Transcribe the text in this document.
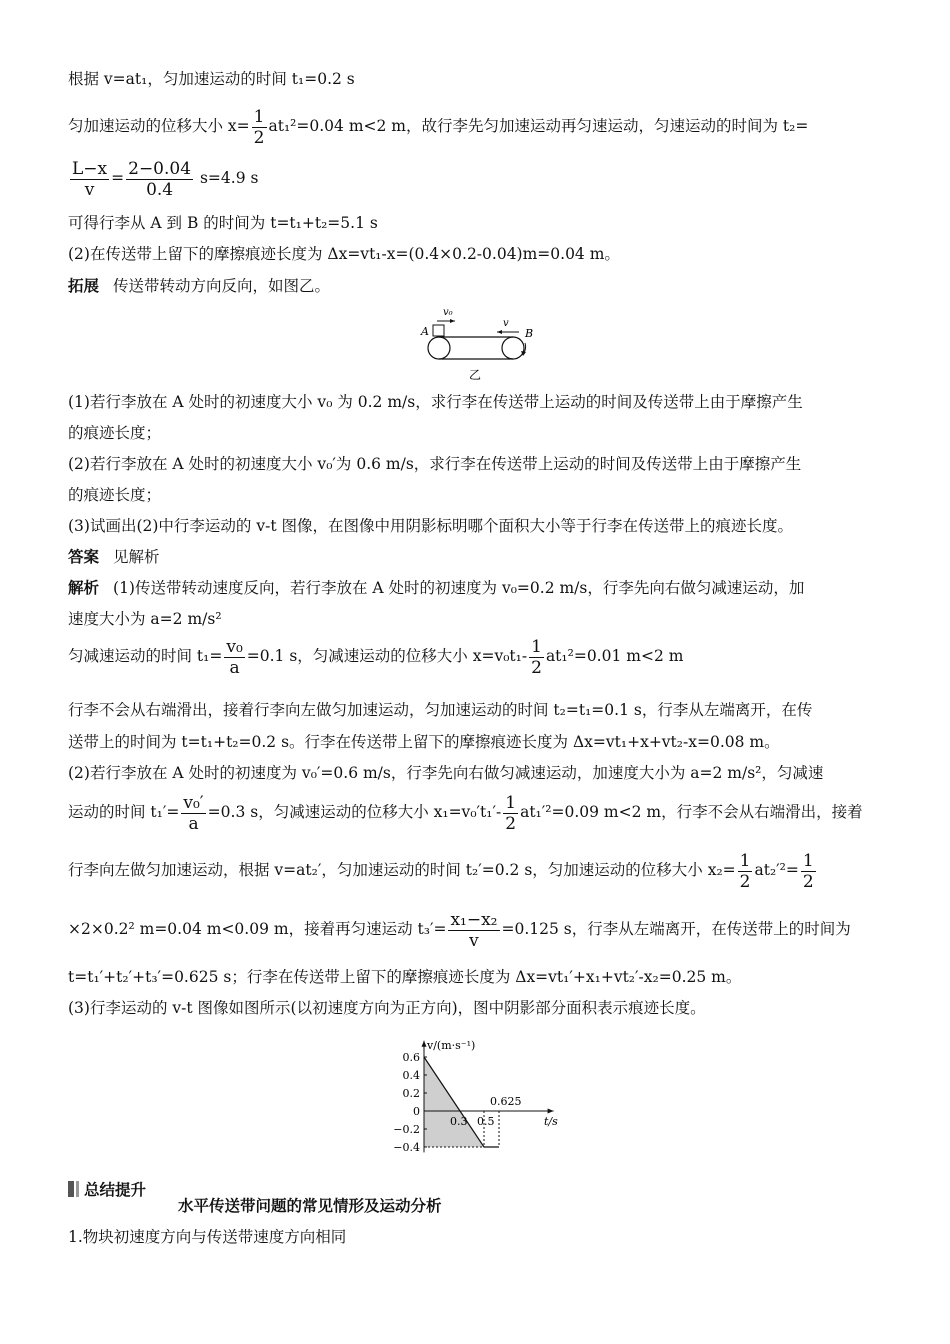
根据 v=at₁，匀加速运动的时间 t₁=0.2 s
匀加速运动的位移大小 $x= \frac{1}{2} at_1^2=0.04$ m<2 m，故行李先匀加速运动再匀速运动，匀速运动的时间为 t₂=
$\frac{L-x}{v} = \frac{2-0.04}{0.4} s=4.9$ s
可得行李从 A 到 B 的时间为 t=t₁+t₂=5.1 s
(2)在传送带上留下的摩擦痕迹长度为 Δx=vt₁-x=(0.4×0.2-0.04)m=0.04 m。
拓展 传送带转动方向反向，如图乙。
v₀
v
A	B
乙
(1)若行李放在 A 处时的初速度大小 v₀ 为 0.2 m/s，求行李在传送带上运动的时间及传送带上由于摩擦产生
的痕迹长度；
(2)若行李放在 A 处时的初速度大小 v₀′为 0.6 m/s，求行李在传送带上运动的时间及传送带上由于摩擦产生
的痕迹长度；
(3)试画出(2)中行李运动的 v-t 图像，在图像中用阴影标明哪个面积大小等于行李在传送带上的痕迹长度。
答案 见解析
解析 (1)传送带转动速度反向，若行李放在 A 处时的初速度为 v₀=0.2 m/s，行李先向右做匀减速运动，加
速度大小为 a=2 m/s²
匀减速运动的时间 $t_1= \frac{\text{v₀}}{a} =0.1$ s，匀减速运动的位移大小 $x=v_0t_1- \frac{1}{2} at_1^2=0.01$ m<2 m
行李不会从右端滑出，接着行李向左做匀加速运动，匀加速运动的时间 t₂=t₁=0.1 s，行李从左端离开，在传
送带上的时间为 t=t₁+t₂=0.2 s。行李在传送带上留下的摩擦痕迹长度为 Δx=vt₁+x+vt₂-x=0.08 m。
(2)若行李放在 A 处时的初速度为 v₀′=0.6 m/s，行李先向右做匀减速运动，加速度大小为 a=2 m/s²，匀减速
运动的时间 $t_1'= \frac{\text{v₀′}}{a} =0.3$ s，匀减速运动的位移大小 $x_1=v_0't_1'- \frac{1}{2} at_1'^2=0.09$ m<2 m，行李不会从右端滑出，接着
行李向左做匀加速运动，根据 v=at₂′，匀加速运动的时间 t₂′=0.2 s，匀加速运动的位移大小 $x_2= \frac{1}{2} at_2'^2= \frac{1}{2}$
×2×0.2² m=0.04 m<0.09 m，接着再匀速运动 $t_3'= \frac{\text{x₁−x₂}}{v} =0.125$ s，行李从左端离开，在传送带上的时间为
t=t₁′+t₂′+t₃′=0.625 s；行李在传送带上留下的摩擦痕迹长度为 Δx=vt₁′+x₁+vt₂′-x₂=0.25 m。
(3)行李运动的 v-t 图像如图所示(以初速度方向为正方向)，图中阴影部分面积表示痕迹长度。
0.6
0.4
0.2
0
−0.2
−0.4
0.3 0.5
0.625
t/s
v/(m·s⁻¹)
总结提升
水平传送带问题的常见情形及运动分析
1.物块初速度方向与传送带速度方向相同
